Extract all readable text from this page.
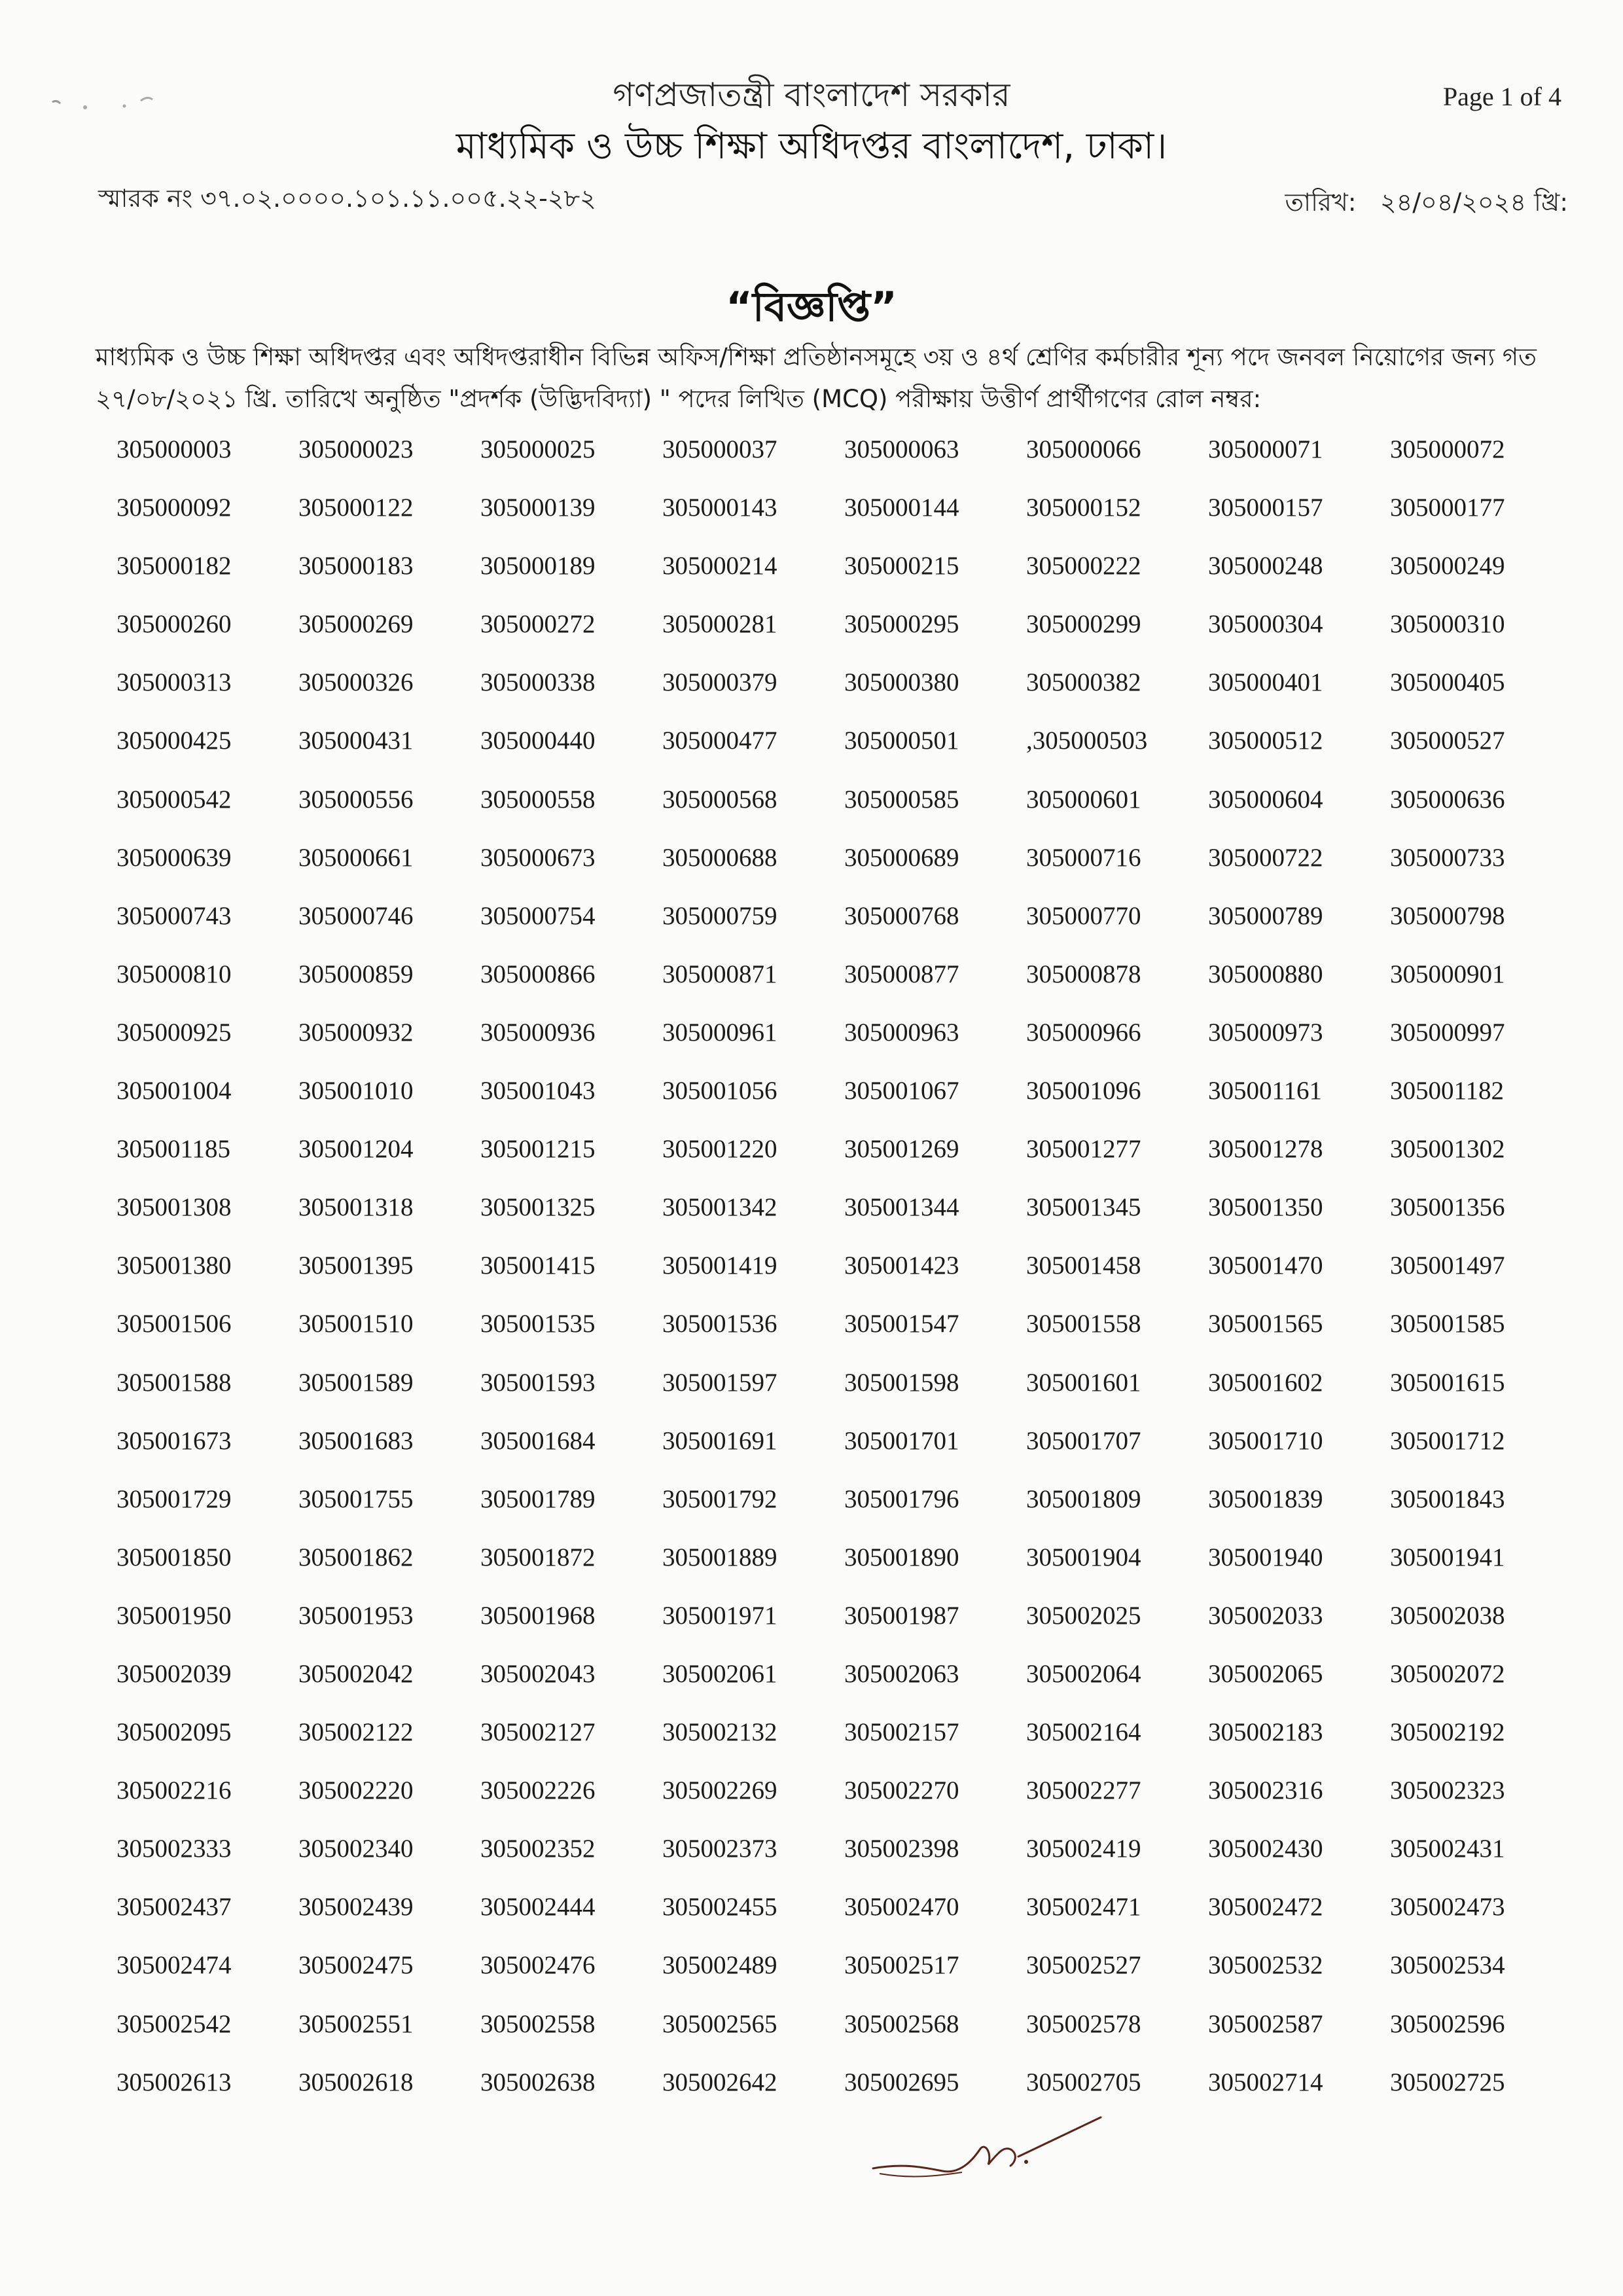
গণপ্রজাতন্ত্রী বাংলাদেশ সরকার
মাধ্যমিক ও উচ্চ শিক্ষা অধিদপ্তর বাংলাদেশ, ঢাকা।
Page 1 of 4
স্মারক নং ৩৭.০২.০০০০.১০১.১১.০০৫.২২-২৮২	তারিখ: ২৪/০৪/২০২৪ খ্রি:
“বিজ্ঞপ্তি”

মাধ্যমিক ও উচ্চ শিক্ষা অধিদপ্তর এবং অধিদপ্তরাধীন বিভিন্ন অফিস/শিক্ষা প্রতিষ্ঠানসমূহে ৩য় ও ৪র্থ শ্রেণির কর্মচারীর শূন্য পদে জনবল নিয়োগের জন্য গত

২৭/০৮/২০২১ খ্রি. তারিখে অনুষ্ঠিত "প্রদর্শক (উদ্ভিদবিদ্যা) " পদের লিখিত (MCQ) পরীক্ষায় উত্তীর্ণ প্রার্থীগণের রোল নম্বর:

305000003	305000023	305000025	305000037	305000063	305000066	305000071	305000072
305000092	305000122	305000139	305000143	305000144	305000152	305000157	305000177
305000182	305000183	305000189	305000214	305000215	305000222	305000248	305000249
305000260	305000269	305000272	305000281	305000295	305000299	305000304	305000310
305000313	305000326	305000338	305000379	305000380	305000382	305000401	305000405
305000425	305000431	305000440	305000477	305000501	,305000503	305000512	305000527
305000542	305000556	305000558	305000568	305000585	305000601	305000604	305000636
305000639	305000661	305000673	305000688	305000689	305000716	305000722	305000733
305000743	305000746	305000754	305000759	305000768	305000770	305000789	305000798
305000810	305000859	305000866	305000871	305000877	305000878	305000880	305000901
305000925	305000932	305000936	305000961	305000963	305000966	305000973	305000997
305001004	305001010	305001043	305001056	305001067	305001096	305001161	305001182
305001185	305001204	305001215	305001220	305001269	305001277	305001278	305001302
305001308	305001318	305001325	305001342	305001344	305001345	305001350	305001356
305001380	305001395	305001415	305001419	305001423	305001458	305001470	305001497
305001506	305001510	305001535	305001536	305001547	305001558	305001565	305001585
305001588	305001589	305001593	305001597	305001598	305001601	305001602	305001615
305001673	305001683	305001684	305001691	305001701	305001707	305001710	305001712
305001729	305001755	305001789	305001792	305001796	305001809	305001839	305001843
305001850	305001862	305001872	305001889	305001890	305001904	305001940	305001941
305001950	305001953	305001968	305001971	305001987	305002025	305002033	305002038
305002039	305002042	305002043	305002061	305002063	305002064	305002065	305002072
305002095	305002122	305002127	305002132	305002157	305002164	305002183	305002192
305002216	305002220	305002226	305002269	305002270	305002277	305002316	305002323
305002333	305002340	305002352	305002373	305002398	305002419	305002430	305002431
305002437	305002439	305002444	305002455	305002470	305002471	305002472	305002473
305002474	305002475	305002476	305002489	305002517	305002527	305002532	305002534
305002542	305002551	305002558	305002565	305002568	305002578	305002587	305002596
305002613	305002618	305002638	305002642	305002695	305002705	305002714	305002725
